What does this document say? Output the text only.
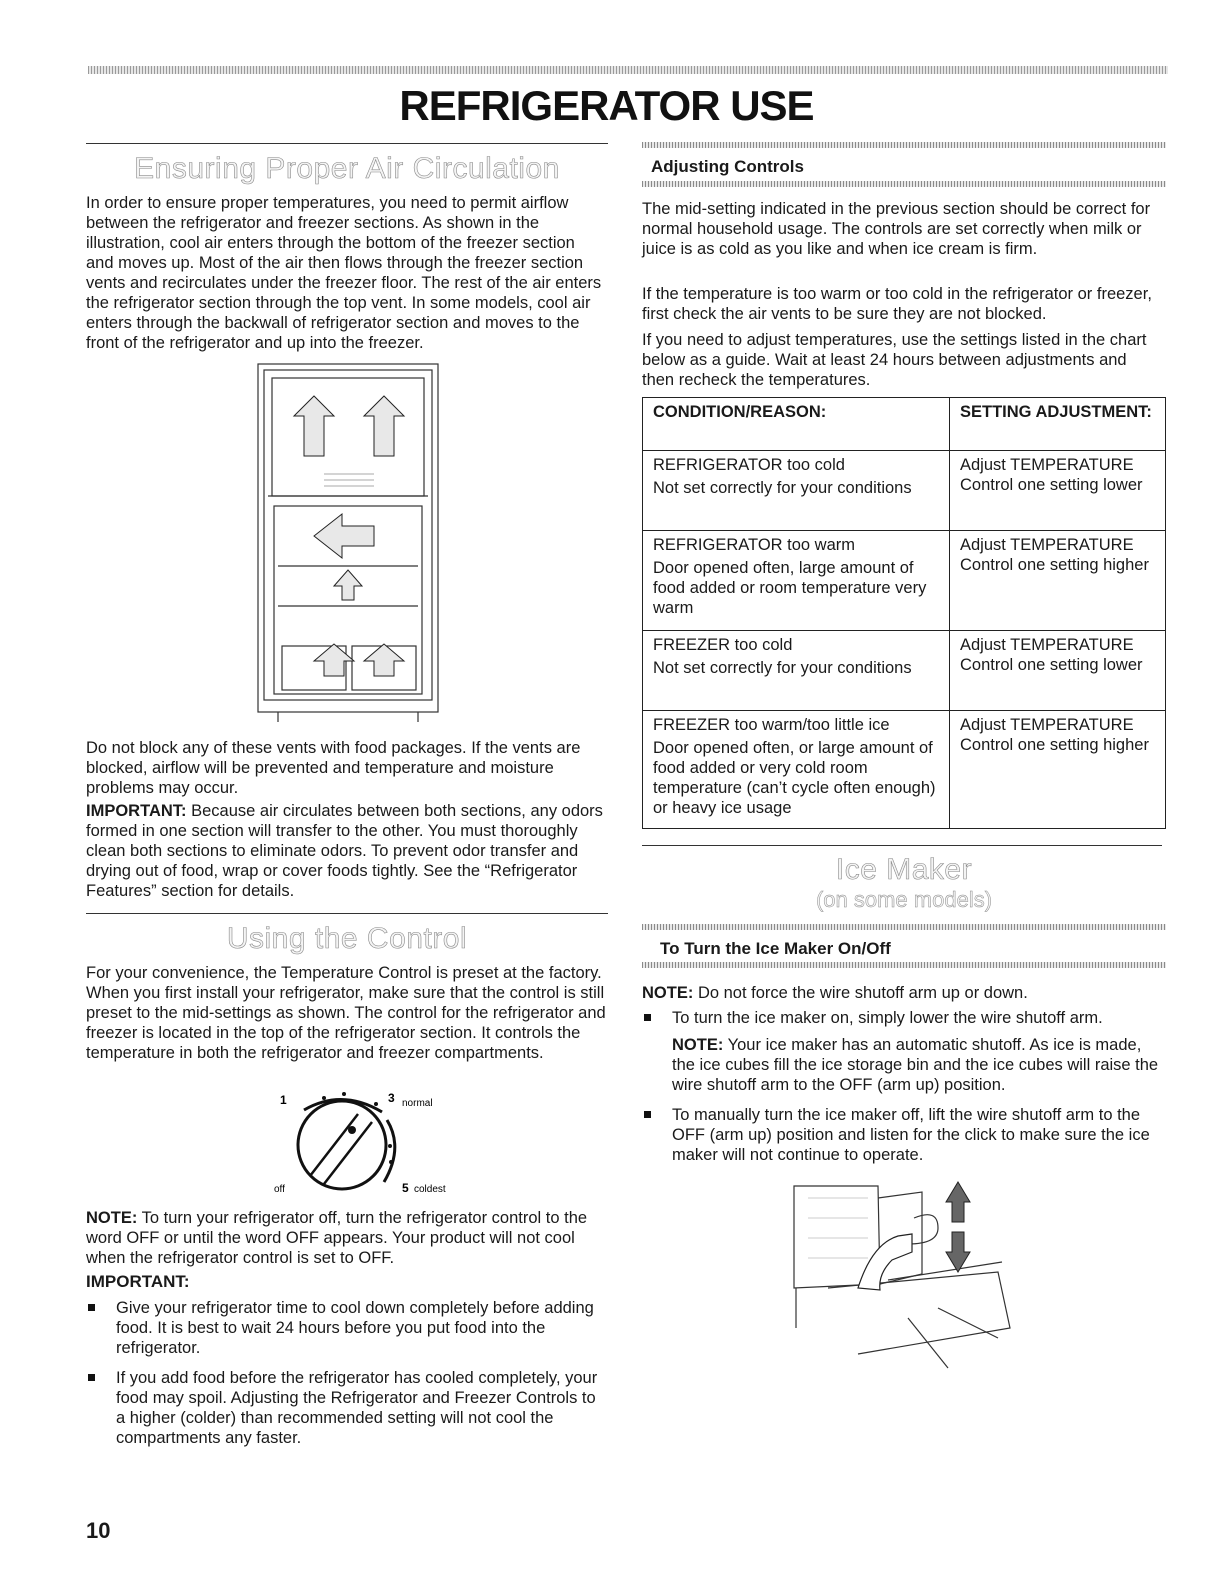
REFRIGERATOR USE
Ensuring Proper Air Circulation

In order to ensure proper temperatures, you need to permit airflow between the refrigerator and freezer sections. As shown in the illustration, cool air enters through the bottom of the freezer section and moves up. Most of the air then flows through the freezer section vents and recirculates under the freezer floor. The rest of the air enters the refrigerator section through the top vent. In some models, cool air enters through the backwall of refrigerator section and moves to the front of the refrigerator and up into the freezer.

Do not block any of these vents with food packages. If the vents are blocked, airflow will be prevented and temperature and moisture problems may occur.

IMPORTANT: Because air circulates between both sections, any odors formed in one section will transfer to the other. You must thoroughly clean both sections to eliminate odors. To prevent odor transfer and drying out of food, wrap or cover foods tightly. See the “Refrigerator Features” section for details.

Using the Control

For your convenience, the Temperature Control is preset at the factory. When you first install your refrigerator, make sure that the control is still preset to the mid-settings as shown. The control for the refrigerator and freezer is located in the top of the refrigerator section. It controls the temperature in both the refrigerator and freezer compartments.

1	3 normal
off	5 coldest

NOTE: To turn your refrigerator off, turn the refrigerator control to the word OFF or until the word OFF appears. Your product will not cool when the refrigerator control is set to OFF.

IMPORTANT:
Give your refrigerator time to cool down completely before adding food. It is best to wait 24 hours before you put food into the refrigerator.
If you add food before the refrigerator has cooled completely, your food may spoil. Adjusting the Refrigerator and Freezer Controls to a higher (colder) than recommended setting will not cool the compartments any faster.
10
Adjusting Controls

The mid-setting indicated in the previous section should be correct for normal household usage. The controls are set correctly when milk or juice is as cold as you like and when ice cream is firm.

If the temperature is too warm or too cold in the refrigerator or freezer, first check the air vents to be sure they are not blocked.

If you need to adjust temperatures, use the settings listed in the chart below as a guide. Wait at least 24 hours between adjustments and then recheck the temperatures.

CONDITION/REASON:	SETTING ADJUSTMENT:

REFRIGERATOR too cold
Not set correctly for your conditions	Adjust TEMPERATURE Control one setting lower

REFRIGERATOR too warm
Door opened often, large amount of food added or room temperature very warm	Adjust TEMPERATURE Control one setting higher

FREEZER too cold
Not set correctly for your conditions	Adjust TEMPERATURE Control one setting lower

FREEZER too warm/too little ice
Door opened often, or large amount of food added or very cold room temperature (can’t cycle often enough) or heavy ice usage	Adjust TEMPERATURE Control one setting higher
Ice Maker
(on some models)
To Turn the Ice Maker On/Off

NOTE: Do not force the wire shutoff arm up or down.

To turn the ice maker on, simply lower the wire shutoff arm.

NOTE: Your ice maker has an automatic shutoff. As ice is made, the ice cubes fill the ice storage bin and the ice cubes will raise the wire shutoff arm to the OFF (arm up) position.

To manually turn the ice maker off, lift the wire shutoff arm to the OFF (arm up) position and listen for the click to make sure the ice maker will not continue to operate.
